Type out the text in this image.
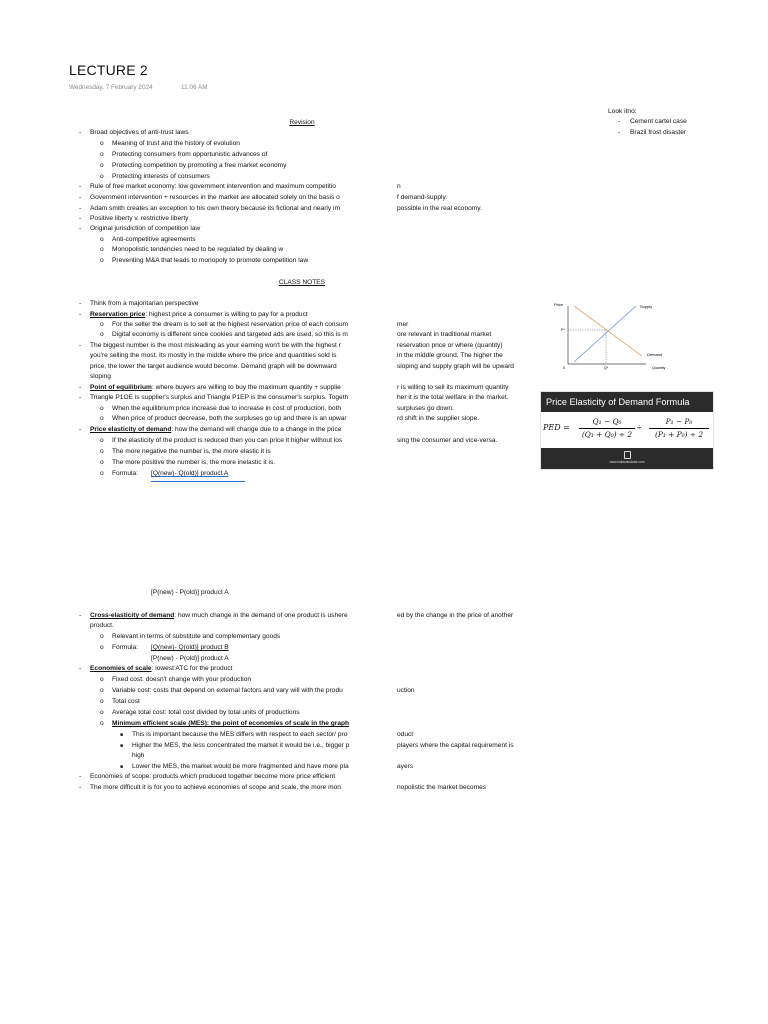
LECTURE 2
Wednesday, 7 February 2024	11:06 AM
Look itno:
- Cement cartel case
- Brazil frost disaster
Revision
- Broad objectives of anti-trust laws
o Meaning of trust and the history of evolution
o Protecting consumers from opportunistic advances of
o Protecting competition by promoting a free market economy
o Protecting interests of consumers
- Rule of free market economy: low government intervention and maximum competitio	n
- Government intervention + resources in the market are allocated solely on the basis o	f demand-supply.
- Adam smith creates an exception to his own theory because its fictional and nearly im	possible in the real economy.
- Positive liberty v. restrictive liberty
- Original jurisdiction of competition law
o Anti-competitive agreements
o Monopolistic tendencies need to be regulated by dealing w
o Preventing M&A that leads to monopoly to promote competition law
CLASS NOTES
- Think from a majoritarian perspective
- Reservation price: highest price a consumer is willing to pay for a product
o For the seller the dream is to sell at the highest reservation price of each consum	mer
o Digital economy is different since cookies and targeted ads are used, so this is m	ore relevant in traditional market
- The biggest number is the most misleading as your earning won't be with the highest r	reservation price or where (quantity)
you're selling the most. Its mostly in the middle where the price and quantities sold is	in the middle ground. The higher the
price, the lower the target audience would become. Demand graph will be downward	sloping and supply graph will be upward
sloping
- Point of equilibrium: where buyers are willing to buy the maximum quantity + supplie	r is willing to sell its maximum quantity
- Triangle P1OE is supplier's surplus and Triangle P1EP is the consumer's surplus. Togeth	her it is the total welfare in the market.
o When the equilibrium price increase due to increase in cost of production, both	surpluses go down.
o When price of product decrease, both the surpluses go up and there is an upwar	rd shift in the supplier slope.
- Price elasticity of demand: how the demand will change due to a change in the price
o If the elasticity of the product is reduced then you can price it higher without los	sing the consumer and vice-versa.
o The more negative the number is, the more elastic it is
o The more positive the number is, the more inelastic it is.
o Formula: [Q(new)- Q(old)] product A
[P(new) - P(old)] product A
- Cross-elasticity of demand: how much change in the demand of one product is ushere	ed by the change in the price of another
product.
o Relevant in terms of substitute and complementary goods
o Formula: [Q(new)- Q(old)] product B
[P(new) - P(old)] product A
- Economies of scale: lowest ATC for the product
o Fixed cost: doesn't change with your production
o Variable cost: costs that depend on external factors and vary will with the produ	uction
o Total cost
o Average total cost: total cost divided by total units of productions
o Minimum efficient scale (MES): the point of economies of scale in the graph
■ This is important because the MES differs with respect to each sector/ pro	oduct
■ Higher the MES, the less concentrated the market it would be i.e., bigger p	players where the capital requirement is
high
■ Lower the MES, the market would be more fragmented and have more pla	ayers
- Economies of scope: products which produced together become more price efficient
- The more difficult it is for you to achieve economies of scope and scale, the more mon	nopolistic the market becomes
Price	Supply
Demand
Quantity
P*
Q*
0
Price Elasticity of Demand Formula
PED =
Q₁ − Q₀
(Q₁ + Q₀) ÷ 2
÷
P₁ − P₀
(P₁ + P₀) ÷ 2
www.indiacalculator.com
